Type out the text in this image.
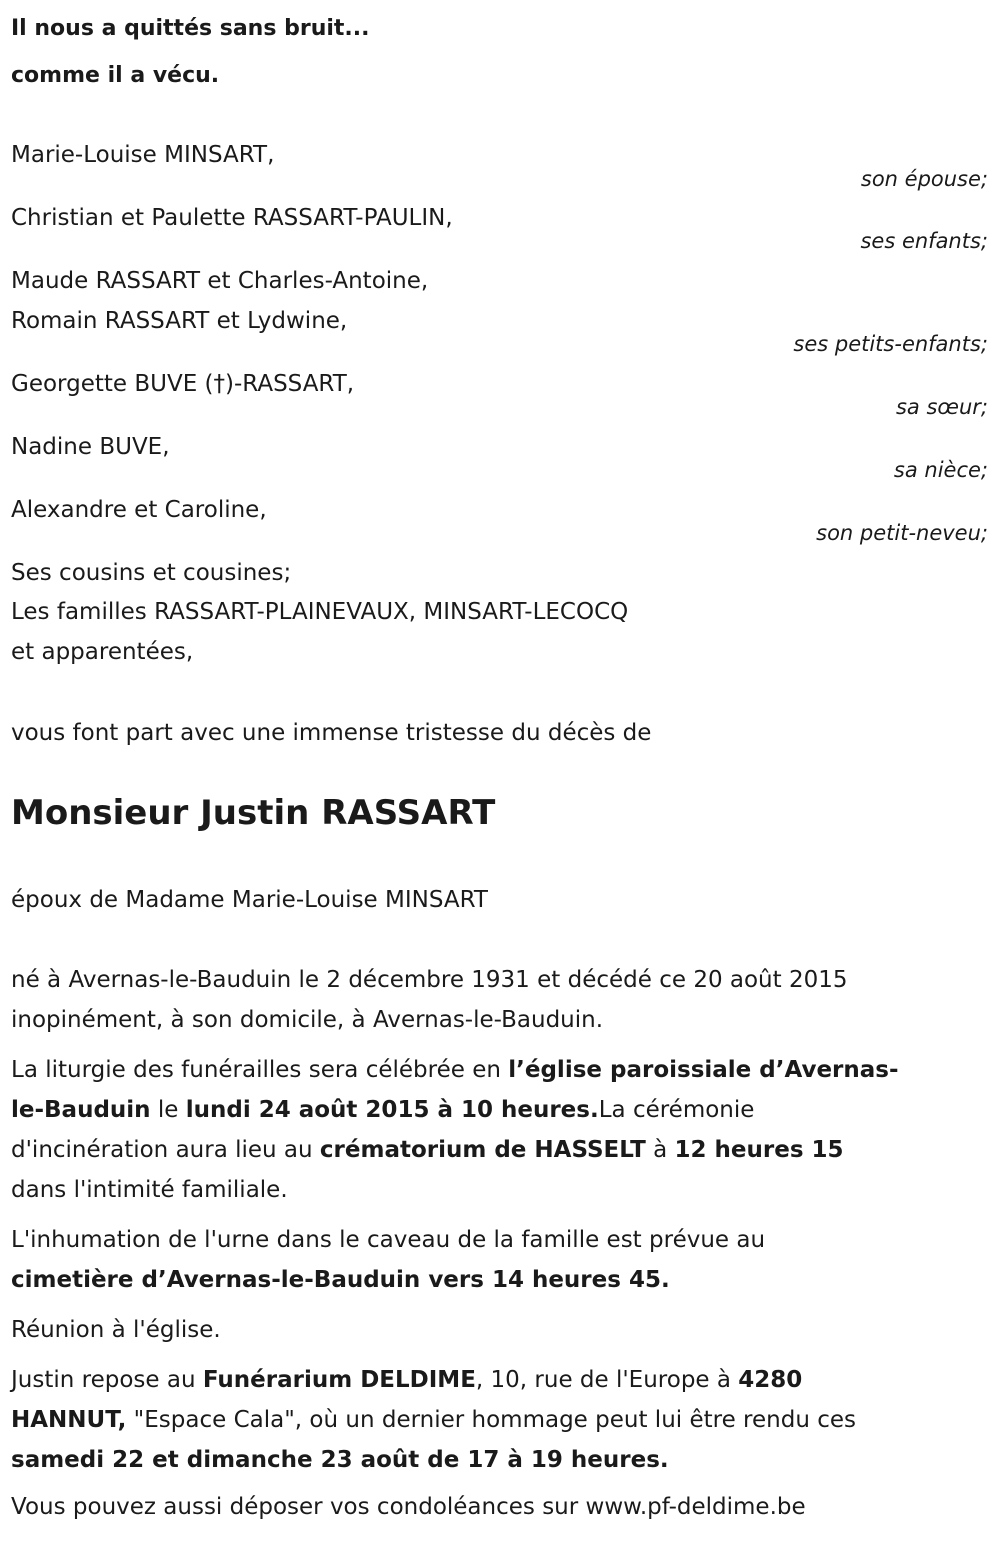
Il nous a quittés sans bruit...
comme il a vécu.
Marie-Louise MINSART,
son épouse;
Christian et Paulette RASSART-PAULIN,
ses enfants;
Maude RASSART et Charles-Antoine,
Romain RASSART et Lydwine,
ses petits-enfants;
Georgette BUVE (†)-RASSART,
sa sœur;
Nadine BUVE,
sa nièce;
Alexandre et Caroline,
son petit-neveu;
Ses cousins et cousines;
Les familles RASSART-PLAINEVAUX, MINSART-LECOCQ
et apparentées,
vous font part avec une immense tristesse du décès de
Monsieur Justin RASSART
époux de Madame Marie-Louise MINSART
né à Avernas-le-Bauduin le 2 décembre 1931 et décédé ce 20 août 2015
inopinément, à son domicile, à Avernas-le-Bauduin.
La liturgie des funérailles sera célébrée en l’église paroissiale d’Avernas-
le-Bauduin le lundi 24 août 2015 à 10 heures.La cérémonie
d'incinération aura lieu au crématorium de HASSELT à 12 heures 15
dans l'intimité familiale.
L'inhumation de l'urne dans le caveau de la famille est prévue au
cimetière d’Avernas-le-Bauduin vers 14 heures 45.
Réunion à l'église.
Justin repose au Funérarium DELDIME, 10, rue de l'Europe à 4280
HANNUT, "Espace Cala", où un dernier hommage peut lui être rendu ces
samedi 22 et dimanche 23 août de 17 à 19 heures.
Vous pouvez aussi déposer vos condoléances sur www.pf-deldime.be
